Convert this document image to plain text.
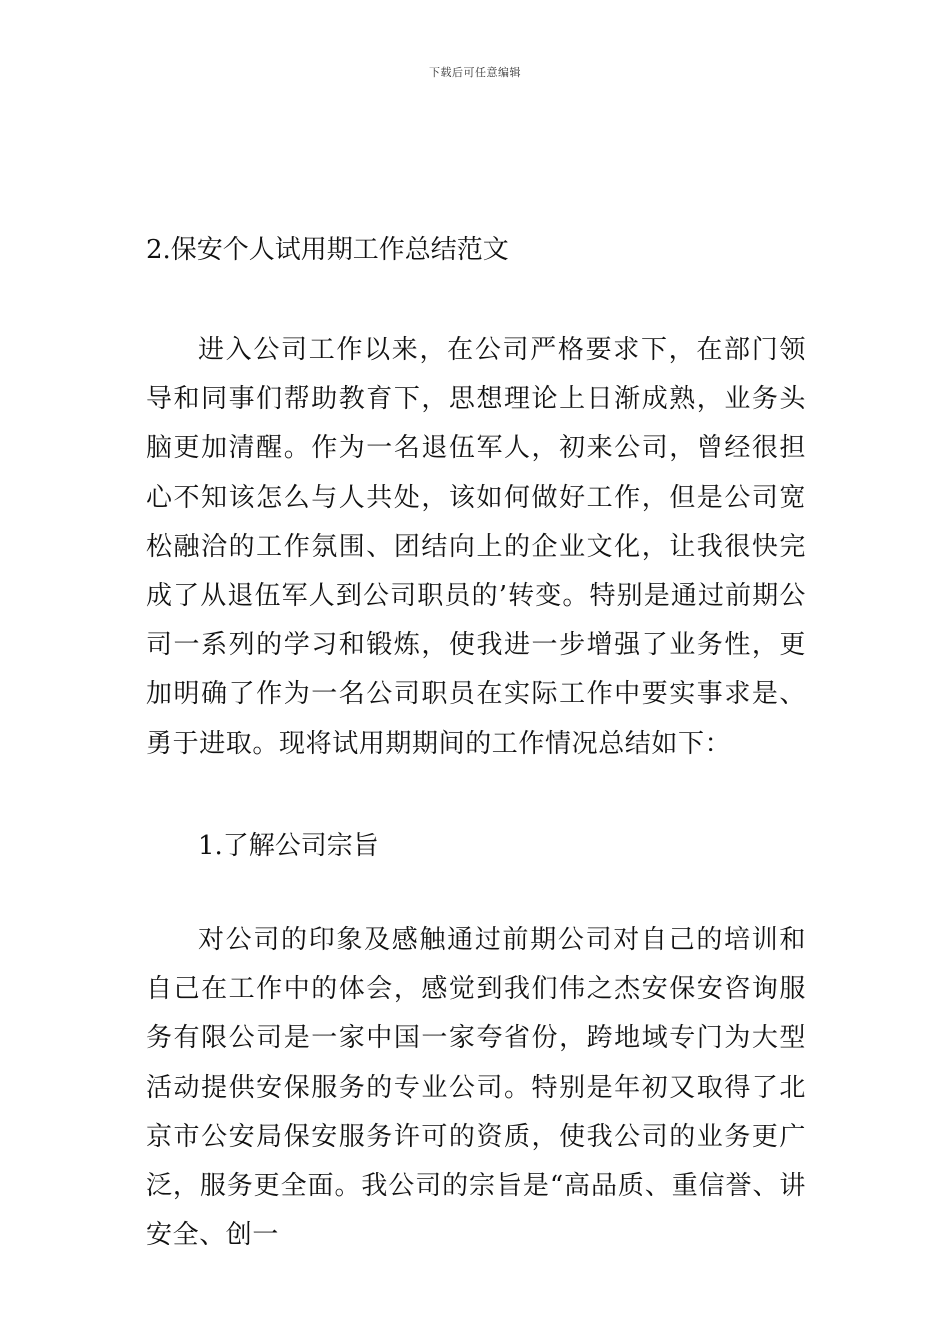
下载后可任意编辑
2.保安个人试用期工作总结范文

进入公司工作以来，在公司严格要求下，在部门领导和同事们帮助教育下，思想理论上日渐成熟，业务头脑更加清醒。作为一名退伍军人，初来公司，曾经很担心不知该怎么与人共处，该如何做好工作，但是公司宽松融洽的工作氛围、团结向上的企业文化，让我很快完成了从退伍军人到公司职员的’转变。特别是通过前期公司一系列的学习和锻炼，使我进一步增强了业务性，更加明确了作为一名公司职员在实际工作中要实事求是、勇于进取。现将试用期期间的工作情况总结如下：

1.了解公司宗旨

对公司的印象及感触通过前期公司对自己的培训和自己在工作中的体会，感觉到我们伟之杰安保安咨询服务有限公司是一家中国一家夸省份，跨地域专门为大型活动提供安保服务的专业公司。特别是年初又取得了北京市公安局保安服务许可的资质，使我公司的业务更广泛，服务更全面。我公司的宗旨是“高品质、重信誉、讲安全、创一
